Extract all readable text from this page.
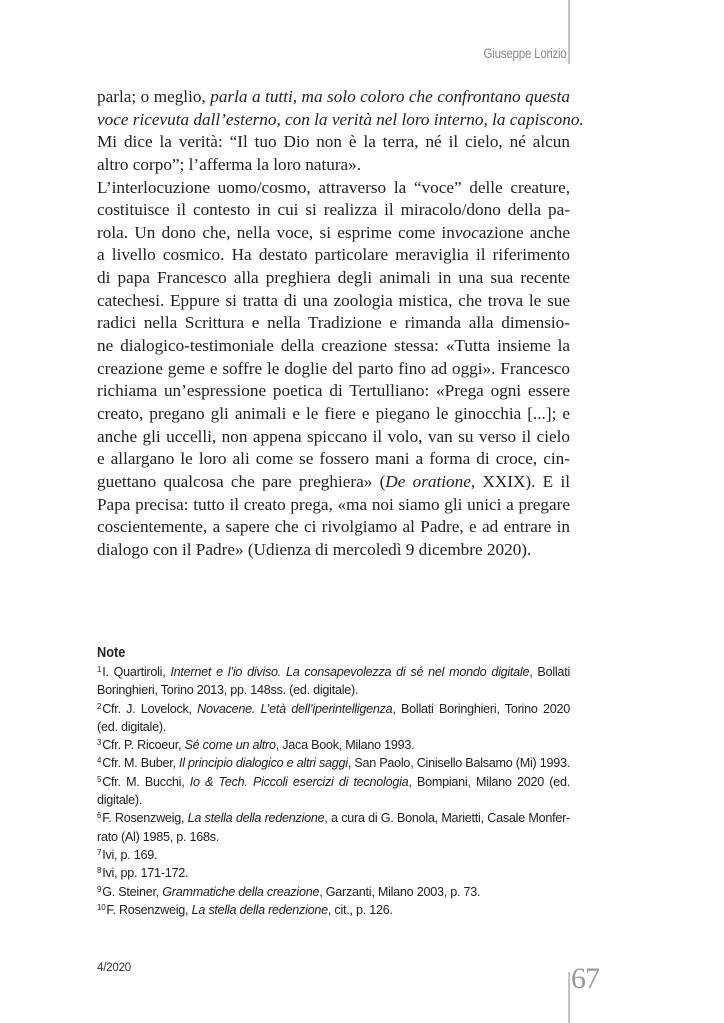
Giuseppe Lorizio
parla; o meglio, parla a tutti, ma solo coloro che confrontano questa
voce ricevuta dall’esterno, con la verità nel loro interno, la capiscono.
Mi dice la verità: “Il tuo Dio non è la terra, né il cielo, né alcun
altro corpo”; l’afferma la loro natura».
L’interlocuzione uomo/cosmo, attraverso la “voce” delle creature,
costituisce il contesto in cui si realizza il miracolo/dono della pa-
rola. Un dono che, nella voce, si esprime come invocazione anche
a livello cosmico. Ha destato particolare meraviglia il riferimento
di papa Francesco alla preghiera degli animali in una sua recente
catechesi. Eppure si tratta di una zoologia mistica, che trova le sue
radici nella Scrittura e nella Tradizione e rimanda alla dimensio-
ne dialogico-testimoniale della creazione stessa: «Tutta insieme la
creazione geme e soffre le doglie del parto fino ad oggi». Francesco
richiama un’espressione poetica di Tertulliano: «Prega ogni essere
creato, pregano gli animali e le fiere e piegano le ginocchia [...]; e
anche gli uccelli, non appena spiccano il volo, van su verso il cielo
e allargano le loro ali come se fossero mani a forma di croce, cin-
guettano qualcosa che pare preghiera» (De oratione, XXIX). E il
Papa precisa: tutto il creato prega, «ma noi siamo gli unici a pregare
coscientemente, a sapere che ci rivolgiamo al Padre, e ad entrare in
dialogo con il Padre» (Udienza di mercoledì 9 dicembre 2020).
Note
$^1$I. Quartiroli, Internet e l’io diviso. La consapevolezza di sé nel mondo digitale, Bollati
Boringhieri, Torino 2013, pp. 148ss. (ed. digitale).
$^2$Cfr. J. Lovelock, Novacene. L’età dell’iperintelligenza, Bollati Boringhieri, Torino 2020
(ed. digitale).
$^3$Cfr. P. Ricoeur, Sé come un altro, Jaca Book, Milano 1993.
$^4$Cfr. M. Buber, Il principio dialogico e altri saggi, San Paolo, Cinisello Balsamo (Mi) 1993.
$^5$Cfr. M. Bucchi, Io & Tech. Piccoli esercizi di tecnologia, Bompiani, Milano 2020 (ed.
digitale).
$^6$F. Rosenzweig, La stella della redenzione, a cura di G. Bonola, Marietti, Casale Monfer-
rato (Al) 1985, p. 168s.
$^7$Ivi, p. 169.
$^8$Ivi, pp. 171-172.
$^9$G. Steiner, Grammatiche della creazione, Garzanti, Milano 2003, p. 73.
$^{10}$F. Rosenzweig, La stella della redenzione, cit., p. 126.
4/2020	67
